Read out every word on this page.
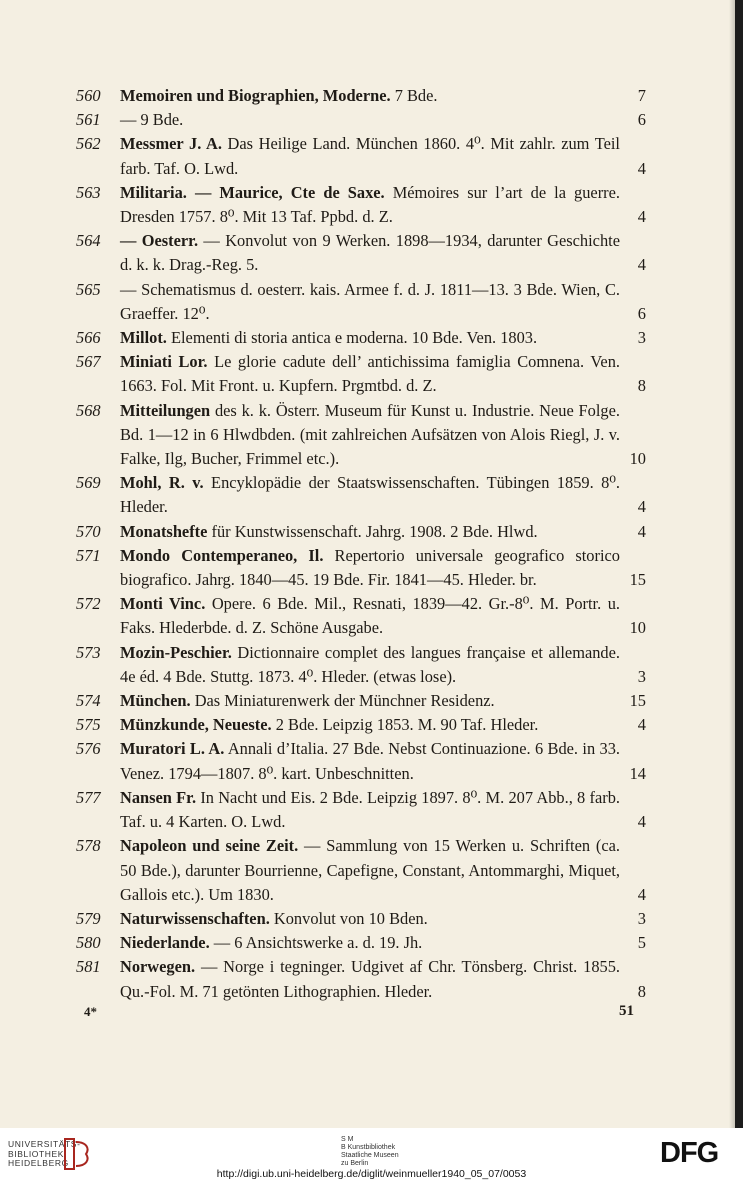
560	Memoiren und Biographien, Moderne. 7 Bde.	7
561	— 9 Bde.	6
562	Messmer J. A. Das Heilige Land. München 1860. 4⁰. Mit zahlr. zum Teil farb. Taf. O. Lwd.	4
563	Militaria. — Maurice, Cte de Saxe. Mémoires sur l’art de la guerre. Dresden 1757. 8⁰. Mit 13 Taf. Ppbd. d. Z.	4
564	— Oesterr. — Konvolut von 9 Werken. 1898—1934, darunter Geschichte d. k. k. Drag.-Reg. 5.	4
565	— Schematismus d. oesterr. kais. Armee f. d. J. 1811—13. 3 Bde. Wien, C. Graeffer. 12⁰.	6
566	Millot. Elementi di storia antica e moderna. 10 Bde. Ven. 1803.	3
567	Miniati Lor. Le glorie cadute dell’ antichissima famiglia Comnena. Ven. 1663. Fol. Mit Front. u. Kupfern. Prgmtbd. d. Z.	8
568	Mitteilungen des k. k. Österr. Museum für Kunst u. Industrie. Neue Folge. Bd. 1—12 in 6 Hlwdbden. (mit zahlreichen Aufsätzen von Alois Riegl, J. v. Falke, Ilg, Bucher, Frimmel etc.).	10
569	Mohl, R. v. Encyklopädie der Staatswissenschaften. Tübingen 1859. 8⁰. Hleder.	4
570	Monatshefte für Kunstwissenschaft. Jahrg. 1908. 2 Bde. Hlwd.	4
571	Mondo Contemperaneo, Il. Repertorio universale geografico storico biografico. Jahrg. 1840—45. 19 Bde. Fir. 1841—45. Hleder. br.	15
572	Monti Vinc. Opere. 6 Bde. Mil., Resnati, 1839—42. Gr.-8⁰. M. Portr. u. Faks. Hlederbde. d. Z. Schöne Ausgabe.	10
573	Mozin-Peschier. Dictionnaire complet des langues française et allemande. 4e éd. 4 Bde. Stuttg. 1873. 4⁰. Hleder. (etwas lose).	3
574	München. Das Miniaturenwerk der Münchner Residenz.	15
575	Münzkunde, Neueste. 2 Bde. Leipzig 1853. M. 90 Taf. Hleder.	4
576	Muratori L. A. Annali d’Italia. 27 Bde. Nebst Continuazione. 6 Bde. in 33. Venez. 1794—1807. 8⁰. kart. Unbeschnitten.	14
577	Nansen Fr. In Nacht und Eis. 2 Bde. Leipzig 1897. 8⁰. M. 207 Abb., 8 farb. Taf. u. 4 Karten. O. Lwd.	4
578	Napoleon und seine Zeit. — Sammlung von 15 Werken u. Schriften (ca. 50 Bde.), darunter Bourrienne, Capefigne, Constant, Antommarghi, Miquet, Gallois etc.). Um 1830.	4
579	Naturwissenschaften. Konvolut von 10 Bden.	3
580	Niederlande. — 6 Ansichtswerke a. d. 19. Jh.	5
581	Norwegen. — Norge i tegninger. Udgivet af Chr. Tönsberg. Christ. 1855. Qu.-Fol. M. 71 getönten Lithographien. Hleder.	8
4*	51
UNIVERSITÄTS-
BIBLIOTHEK
HEIDELBERG
S M
B Kunstbibliothek
Staatliche Museen
zu Berlin	DFG
http://digi.ub.uni-heidelberg.de/diglit/weinmueller1940_05_07/0053
